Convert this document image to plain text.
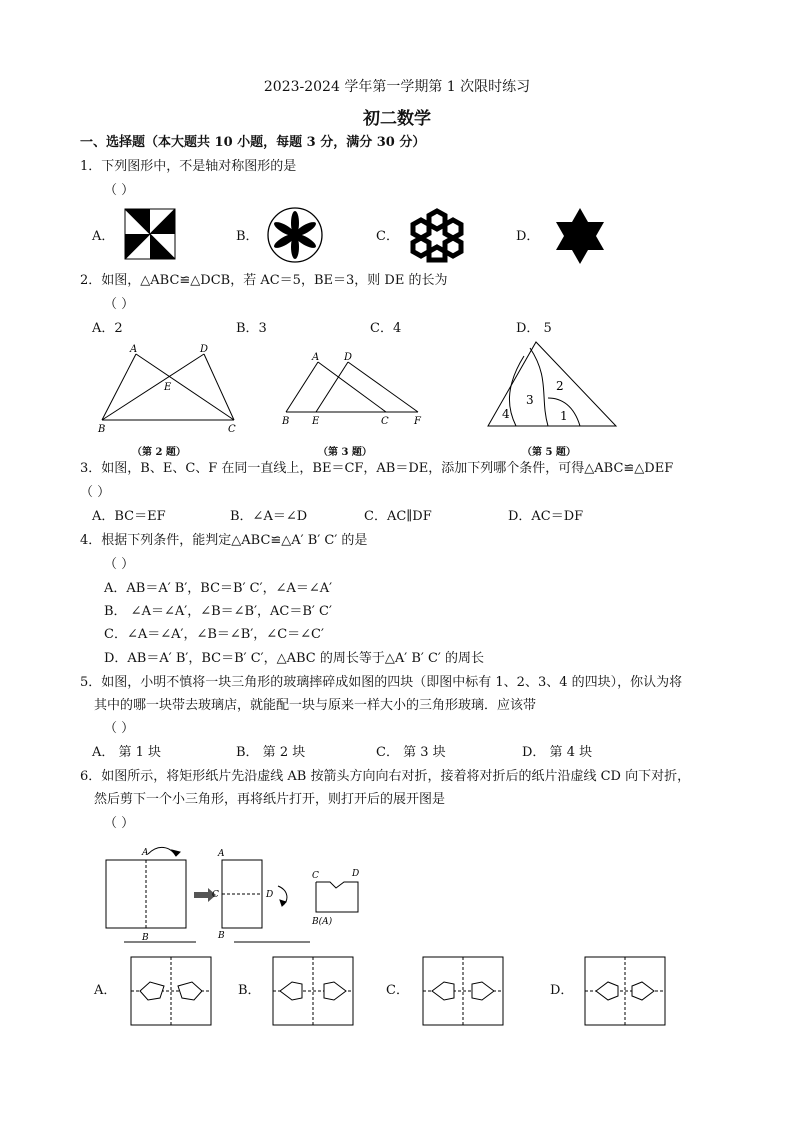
2023-2024 学年第一学期第 1 次限时练习
初二数学
一、选择题（本大题共 10 小题，每题 3 分，满分 30 分）
1．下列图形中，不是轴对称图形的是
（ ）
A．	B．	C．	D．
2．如图，△ABC≌△DCB，若 AC＝5，BE＝3，则 DE 的长为
（ ）
A．2	B．3	C．4	D． 5
A	D
E
B	C
（第 2 题）
A D
B E	C	F
（第 3 题）
4
3
2
1
（第 5 题）
3．如图，B、E、C、F 在同一直线上，BE＝CF，AB＝DE，添加下列哪个条件，可得△ABC≌△DEF
（ ）
A．BC＝EF	B．∠A＝∠D	C．AC∥DF	D．AC＝DF
4．根据下列条件，能判定△ABC≌△A′ B′ C′ 的是
（ ）
A．AB＝A′ B′，BC＝B′ C′，∠A＝∠A′
B． ∠A＝∠A′，∠B＝∠B′，AC＝B′ C′
C．∠A＝∠A′，∠B＝∠B′，∠C＝∠C′
D．AB＝A′ B′，BC＝B′ C′，△ABC 的周长等于△A′ B′ C′ 的周长
5．如图，小明不慎将一块三角形的玻璃摔碎成如图的四块（即图中标有 1、2、3、4 的四块），你认为将
其中的哪一块带去玻璃店，就能配一块与原来一样大小的三角形玻璃．应该带
（ ）
A． 第 1 块	B． 第 2 块	C． 第 3 块	D． 第 4 块
6．如图所示，将矩形纸片先沿虚线 AB 按箭头方向向右对折，接着将对折后的纸片沿虚线 CD 向下对折，
然后剪下一个小三角形，再将纸片打开，则打开后的展开图是
（ ）
A
B
A
C	D
B
C	D
B(A)
A．	B．	C．	D．
